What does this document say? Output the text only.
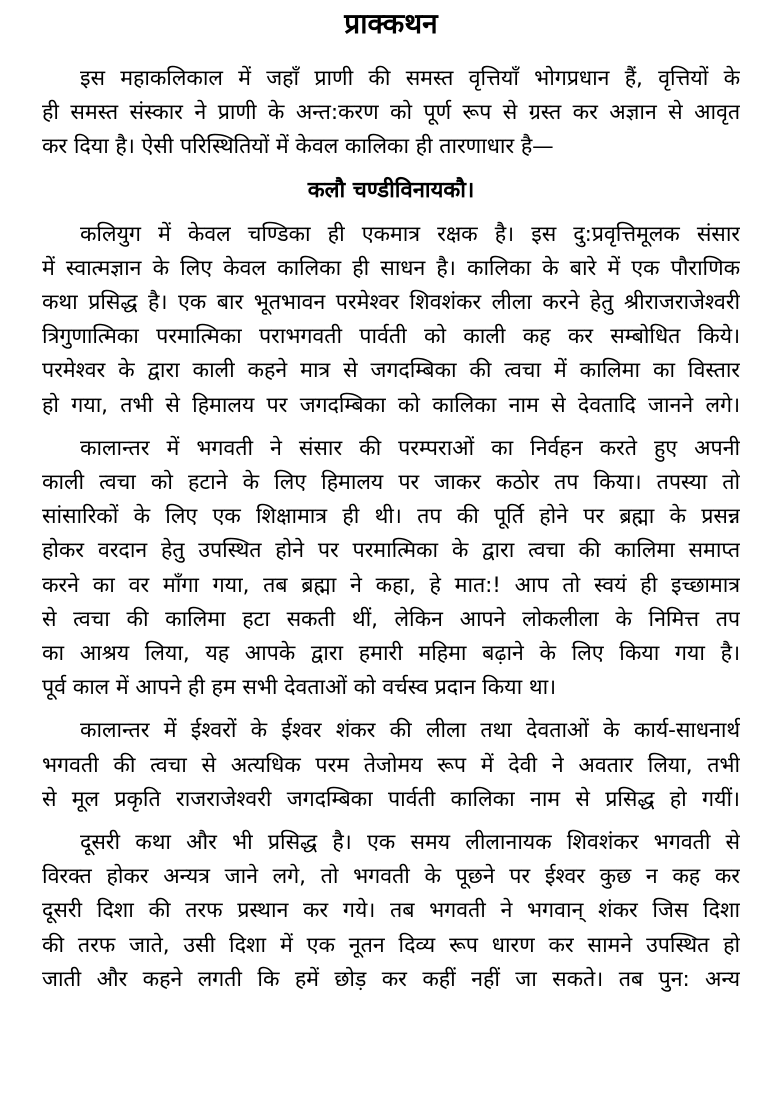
प्राक्कथन

इस महाकलिकाल में जहाँ प्राणी की समस्त वृत्तियाँ भोगप्रधान हैं, वृत्तियों के
ही समस्त संस्कार ने प्राणी के अन्त:करण को पूर्ण रूप से ग्रस्त कर अज्ञान से आवृत
कर दिया है। ऐसी परिस्थितियों में केवल कालिका ही तारणाधार है—

कलौ चण्डीविनायकौ।

कलियुग में केवल चण्डिका ही एकमात्र रक्षक है। इस दु:प्रवृत्तिमूलक संसार
में स्वात्मज्ञान के लिए केवल कालिका ही साधन है। कालिका के बारे में एक पौराणिक
कथा प्रसिद्ध है। एक बार भूतभावन परमेश्वर शिवशंकर लीला करने हेतु श्रीराजराजेश्वरी
त्रिगुणात्मिका परमात्मिका पराभगवती पार्वती को काली कह कर सम्बोधित किये।
परमेश्वर के द्वारा काली कहने मात्र से जगदम्बिका की त्वचा में कालिमा का विस्तार
हो गया, तभी से हिमालय पर जगदम्बिका को कालिका नाम से देवतादि जानने लगे।

कालान्तर में भगवती ने संसार की परम्पराओं का निर्वहन करते हुए अपनी
काली त्वचा को हटाने के लिए हिमालय पर जाकर कठोर तप किया। तपस्या तो
सांसारिकों के लिए एक शिक्षामात्र ही थी। तप की पूर्ति होने पर ब्रह्मा के प्रसन्न
होकर वरदान हेतु उपस्थित होने पर परमात्मिका के द्वारा त्वचा की कालिमा समाप्त
करने का वर माँगा गया, तब ब्रह्मा ने कहा, हे मात:! आप तो स्वयं ही इच्छामात्र
से त्वचा की कालिमा हटा सकती थीं, लेकिन आपने लोकलीला के निमित्त तप
का आश्रय लिया, यह आपके द्वारा हमारी महिमा बढ़ाने के लिए किया गया है।
पूर्व काल में आपने ही हम सभी देवताओं को वर्चस्व प्रदान किया था।

कालान्तर में ईश्वरों के ईश्वर शंकर की लीला तथा देवताओं के कार्य-साधनार्थ
भगवती की त्वचा से अत्यधिक परम तेजोमय रूप में देवी ने अवतार लिया, तभी
से मूल प्रकृति राजराजेश्वरी जगदम्बिका पार्वती कालिका नाम से प्रसिद्ध हो गयीं।

दूसरी कथा और भी प्रसिद्ध है। एक समय लीलानायक शिवशंकर भगवती से
विरक्त होकर अन्यत्र जाने लगे, तो भगवती के पूछने पर ईश्वर कुछ न कह कर
दूसरी दिशा की तरफ प्रस्थान कर गये। तब भगवती ने भगवान् शंकर जिस दिशा
की तरफ जाते, उसी दिशा में एक नूतन दिव्य रूप धारण कर सामने उपस्थित हो
जाती और कहने लगती कि हमें छोड़ कर कहीं नहीं जा सकते। तब पुन: अन्य
